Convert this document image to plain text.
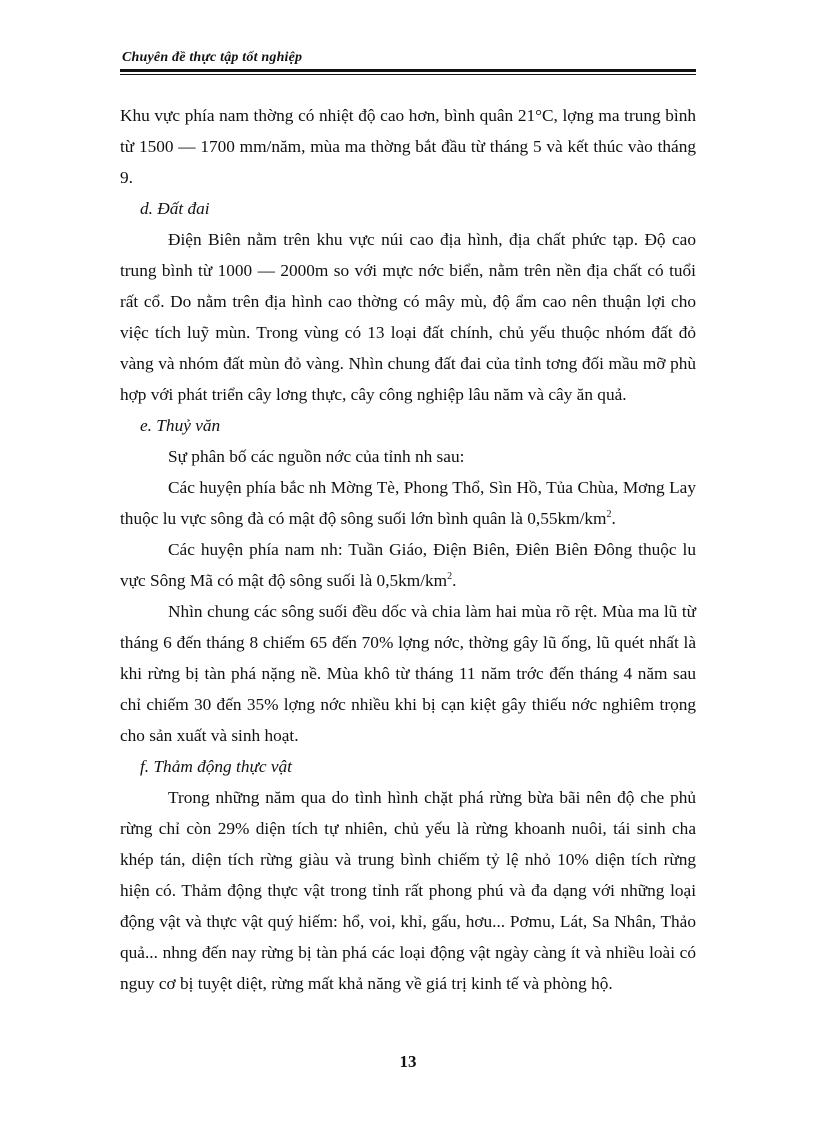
Chuyên đề thực tập tốt nghiệp

Khu vực phía nam thờng có nhiệt độ cao hơn, bình quân 21°C, lợng ma trung bình từ 1500 — 1700 mm/năm, mùa ma thờng bắt đầu từ tháng 5 và kết thúc vào tháng 9.

d. Đất đai

Điện Biên nằm trên khu vực núi cao địa hình, địa chất phức tạp. Độ cao trung bình từ 1000 — 2000m so với mực nớc biển, nằm trên nền địa chất có tuổi rất cổ. Do nằm trên địa hình cao thờng có mây mù, độ ẩm cao nên thuận lợi cho việc tích luỹ mùn. Trong vùng có 13 loại đất chính, chủ yếu thuộc nhóm đất đỏ vàng và nhóm đất mùn đỏ vàng. Nhìn chung đất đai của tỉnh tơng đối mầu mỡ phù hợp với phát triển cây lơng thực, cây công nghiệp lâu năm và cây ăn quả.

e. Thuỷ văn

Sự phân bố các nguồn nớc của tỉnh nh sau:

Các huyện phía bắc nh Mờng Tè, Phong Thổ, Sìn Hồ, Tủa Chùa, Mơng Lay thuộc lu vực sông đà có mật độ sông suối lớn bình quân là $0,55km/km^2$.

Các huyện phía nam nh: Tuần Giáo, Điện Biên, Điên Biên Đông thuộc lu vực Sông Mã có mật độ sông suối là $0,5km/km^2$.

Nhìn chung các sông suối đều dốc và chia làm hai mùa rõ rệt. Mùa ma lũ từ tháng 6 đến tháng 8 chiếm 65 đến 70% lợng nớc, thờng gây lũ ống, lũ quét nhất là khi rừng bị tàn phá nặng nề. Mùa khô từ tháng 11 năm trớc đến tháng 4 năm sau chỉ chiếm 30 đến 35% lợng nớc nhiều khi bị cạn kiệt gây thiếu nớc nghiêm trọng cho sản xuất và sinh hoạt.

f. Thảm động thực vật

Trong những năm qua do tình hình chặt phá rừng bừa bãi nên độ che phủ rừng chỉ còn 29% diện tích tự nhiên, chủ yếu là rừng khoanh nuôi, tái sinh cha khép tán, diện tích rừng giàu và trung bình chiếm tỷ lệ nhỏ 10% diện tích rừng hiện có. Thảm động thực vật trong tỉnh rất phong phú và đa dạng với những loại động vật và thực vật quý hiếm: hổ, voi, khỉ, gấu, hơu... Pơmu, Lát, Sa Nhân, Thảo quả... nhng đến nay rừng bị tàn phá các loại động vật ngày càng ít và nhiều loài có nguy cơ bị tuyệt diệt, rừng mất khả năng về giá trị kinh tế và phòng hộ.

13
